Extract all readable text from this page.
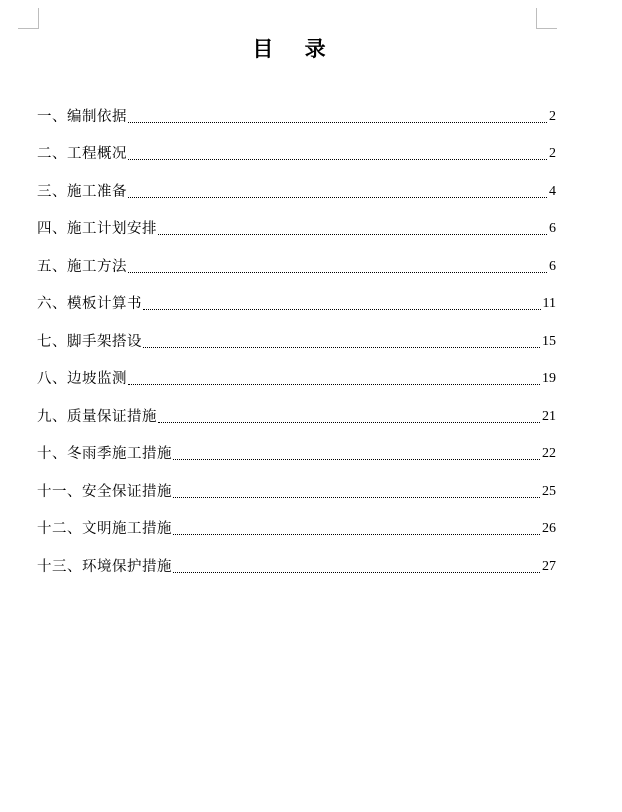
目 录
一、编制依据	2
二、工程概况	2
三、施工准备	4
四、施工计划安排	6
五、施工方法	6
六、模板计算书	11
七、脚手架搭设	15
八、边坡监测	19
九、质量保证措施	21
十、冬雨季施工措施	22
十一、安全保证措施	25
十二、文明施工措施	26
十三、环境保护措施	27
